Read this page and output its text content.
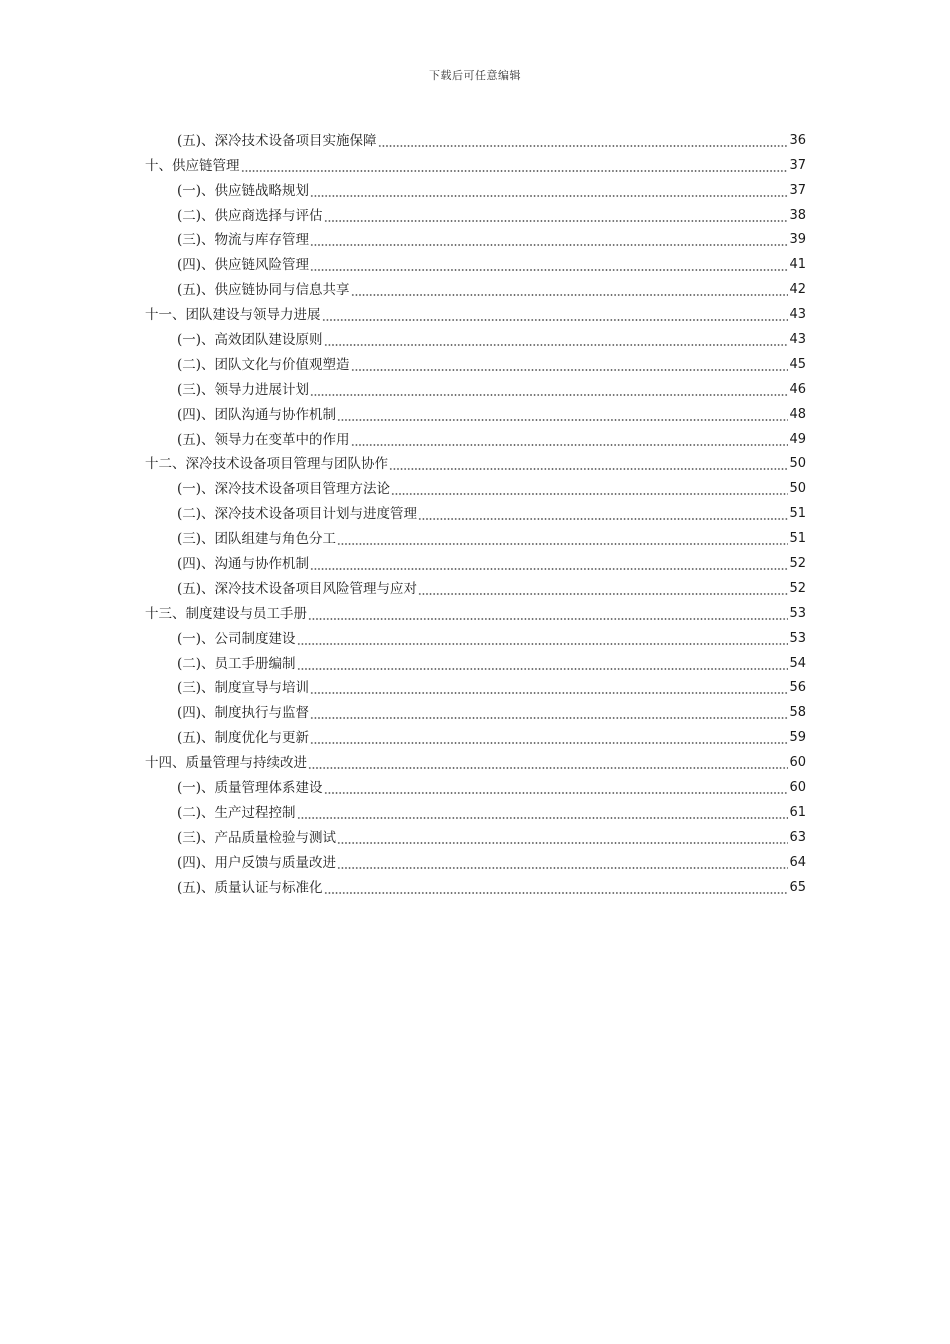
下载后可任意编辑
(五)、深冷技术设备项目实施保障	36
十、供应链管理	37
(一)、供应链战略规划	37
(二)、供应商选择与评估	38
(三)、物流与库存管理	39
(四)、供应链风险管理	41
(五)、供应链协同与信息共享	42
十一、团队建设与领导力进展	43
(一)、高效团队建设原则	43
(二)、团队文化与价值观塑造	45
(三)、领导力进展计划	46
(四)、团队沟通与协作机制	48
(五)、领导力在变革中的作用	49
十二、深冷技术设备项目管理与团队协作	50
(一)、深冷技术设备项目管理方法论	50
(二)、深冷技术设备项目计划与进度管理	51
(三)、团队组建与角色分工	51
(四)、沟通与协作机制	52
(五)、深冷技术设备项目风险管理与应对	52
十三、制度建设与员工手册	53
(一)、公司制度建设	53
(二)、员工手册编制	54
(三)、制度宣导与培训	56
(四)、制度执行与监督	58
(五)、制度优化与更新	59
十四、质量管理与持续改进	60
(一)、质量管理体系建设	60
(二)、生产过程控制	61
(三)、产品质量检验与测试	63
(四)、用户反馈与质量改进	64
(五)、质量认证与标准化	65
